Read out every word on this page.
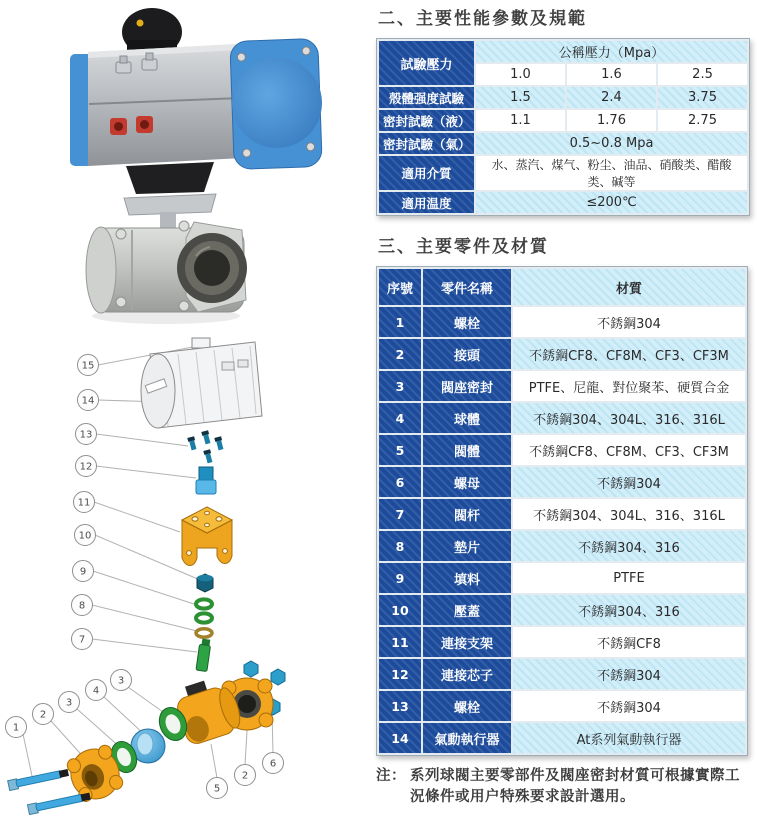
15
14
13
12
11
10
9
8
7
3
4
3
2
1
5
2
6
二、主要性能參數及規範
試驗壓力	公稱壓力（Mpa）		
	1.0	1.6	2.5
殼體强度試驗	1.5	2.4	3.75
密封試驗（液）	1.1	1.76	2.75
密封試驗（氣）	0.5~0.8 Mpa		
適用介質	水、蒸汽、煤气、粉尘、油品、硝酸类、醋酸类、碱等		
適用温度	≤200℃		
三、主要零件及材質
序號	零件名稱	材質
1	螺栓	不銹鋼304
2	接頭	不銹鋼CF8、CF8M、CF3、CF3M
3	閥座密封	PTFE、尼龍、對位聚苯、硬質合金
4	球體	不銹鋼304、304L、316、316L
5	閥體	不銹鋼CF8、CF8M、CF3、CF3M
6	螺母	不銹鋼304
7	閥杆	不銹鋼304、304L、316、316L
8	墊片	不銹鋼304、316
9	填料	PTFE
10	壓蓋	不銹鋼304、316
11	連接支架	不銹鋼CF8
12	連接芯子	不銹鋼304
13	螺栓	不銹鋼304
14	氣動執行器	At系列氣動執行器
注： 系列球閥主要零部件及閥座密封材質可根據實際工況條件或用户特殊要求設計選用。
